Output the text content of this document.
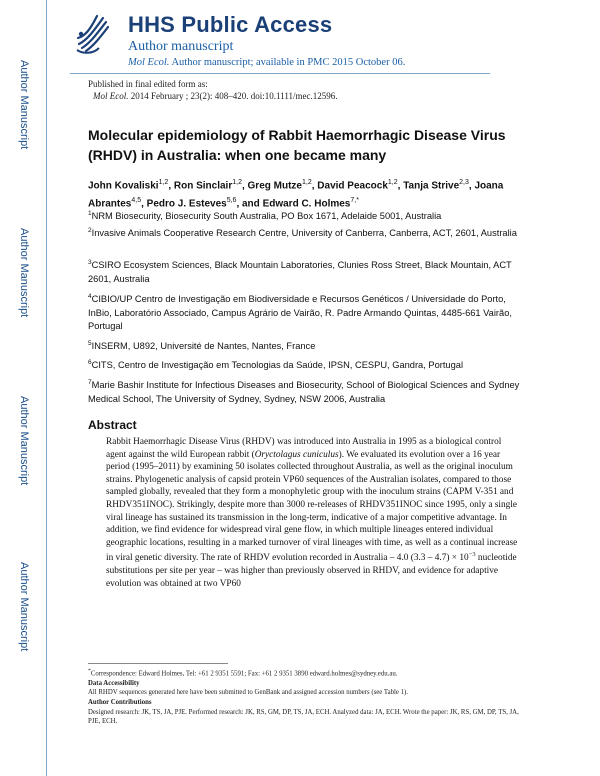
Author Manuscript
Author Manuscript
Author Manuscript
Author Manuscript
HHS Public Access
Author manuscript
Mol Ecol. Author manuscript; available in PMC 2015 October 06.
Published in final edited form as:
Mol Ecol. 2014 February ; 23(2): 408–420. doi:10.1111/mec.12596.
Molecular epidemiology of Rabbit Haemorrhagic Disease Virus (RHDV) in Australia: when one became many
John Kovaliski$^{1,2}$, Ron Sinclair$^{1,2}$, Greg Mutze$^{1,2}$, David Peacock$^{1,2}$, Tanja Strive$^{2,3}$, Joana Abrantes$^{4,5}$, Pedro J. Esteves$^{5,6}$, and Edward C. Holmes$^{7,*}$
$^1$NRM Biosecurity, Biosecurity South Australia, PO Box 1671, Adelaide 5001, Australia
$^2$Invasive Animals Cooperative Research Centre, University of Canberra, Canberra, ACT, 2601, Australia
$^3$CSIRO Ecosystem Sciences, Black Mountain Laboratories, Clunies Ross Street, Black Mountain, ACT 2601, Australia
$^4$CIBIO/UP Centro de Investigação em Biodiversidade e Recursos Genéticos / Universidade do Porto, InBio, Laboratório Associado, Campus Agrário de Vairão, R. Padre Armando Quintas, 4485-661 Vairão, Portugal
$^5$INSERM, U892, Université de Nantes, Nantes, France
$^6$CITS, Centro de Investigação em Tecnologias da Saúde, IPSN, CESPU, Gandra, Portugal
$^7$Marie Bashir Institute for Infectious Diseases and Biosecurity, School of Biological Sciences and Sydney Medical School, The University of Sydney, Sydney, NSW 2006, Australia
Abstract
Rabbit Haemorrhagic Disease Virus (RHDV) was introduced into Australia in 1995 as a biological control agent against the wild European rabbit (Oryctolagus cuniculus). We evaluated its evolution over a 16 year period (1995–2011) by examining 50 isolates collected throughout Australia, as well as the original inoculum strains. Phylogenetic analysis of capsid protein VP60 sequences of the Australian isolates, compared to those sampled globally, revealed that they form a monophyletic group with the inoculum strains (CAPM V-351 and RHDV351INOC). Strikingly, despite more than 3000 re-releases of RHDV351INOC since 1995, only a single viral lineage has sustained its transmission in the long-term, indicative of a major competitive advantage. In addition, we find evidence for widespread viral gene flow, in which multiple lineages entered individual geographic locations, resulting in a marked turnover of viral lineages with time, as well as a continual increase in viral genetic diversity. The rate of RHDV evolution recorded in Australia – 4.0 $(3.3 - 4.7) \times 10^{-3}$ nucleotide substitutions per site per year – was higher than previously observed in RHDV, and evidence for adaptive evolution was obtained at two VP60
*Correspondence: Edward Holmes, Tel: +61 2 9351 5591; Fax: +61 2 9351 3890 edward.holmes@sydney.edu.au.
Data Accessibility
All RHDV sequences generated here have been submitted to GenBank and assigned accession numbers (see Table 1).
Author Contributions
Designed research: JK, TS, JA, PJE. Performed research: JK, RS, GM, DP, TS, JA, ECH. Analyzed data: JA, ECH. Wrote the paper: JK, RS, GM, DP, TS, JA, PJE, ECH.
